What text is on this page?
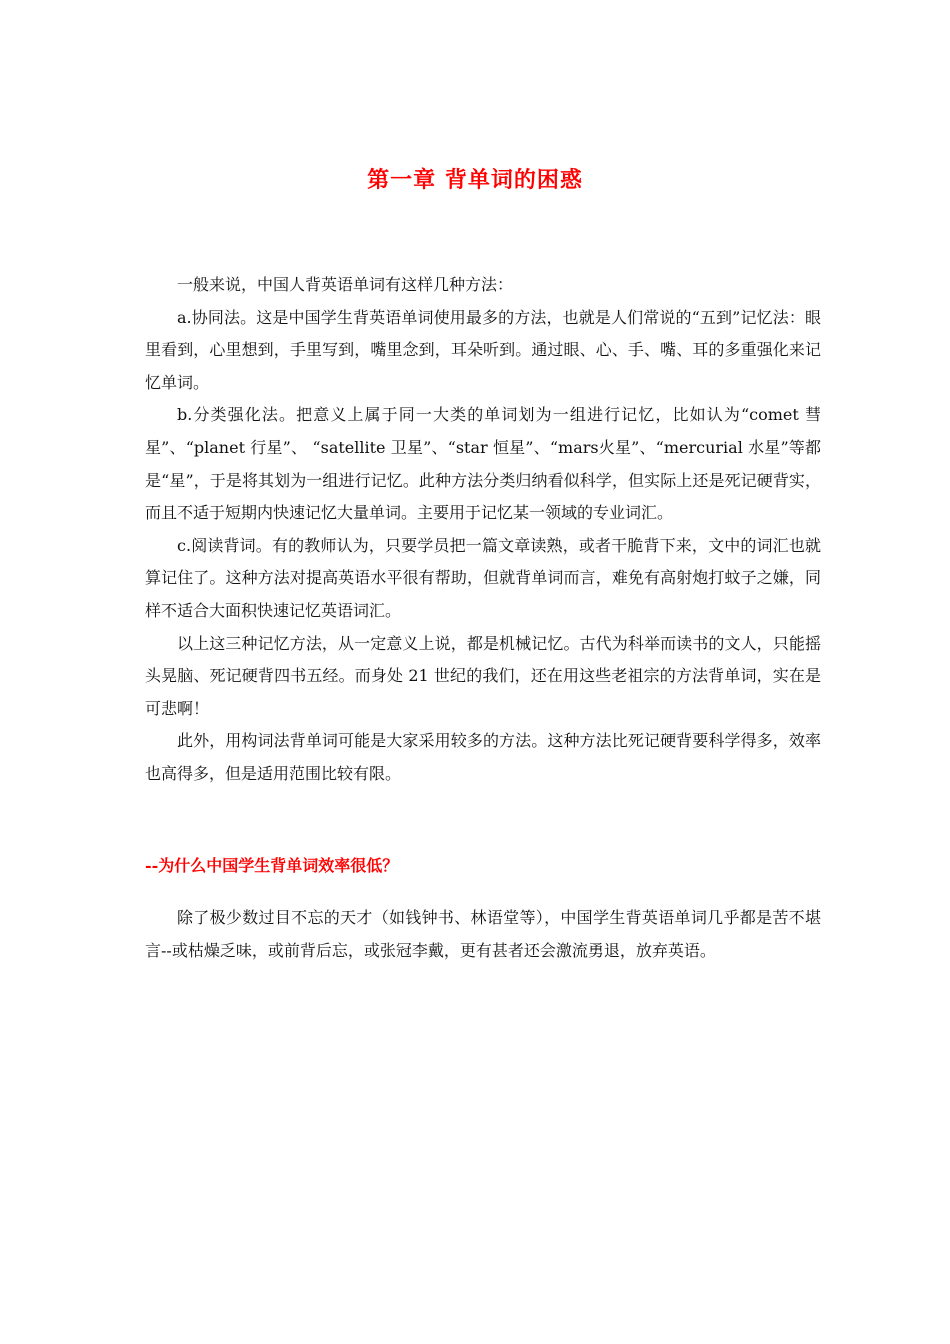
第一章 背单词的困惑

一般来说，中国人背英语单词有这样几种方法：

a.协同法。这是中国学生背英语单词使用最多的方法，也就是人们常说的“五到”记忆法：眼里看到，心里想到，手里写到，嘴里念到，耳朵听到。通过眼、心、手、嘴、耳的多重强化来记忆单词。

b.分类强化法。把意义上属于同一大类的单词划为一组进行记忆，比如认为“comet 彗星”、“planet 行星”、 “satellite 卫星”、“star 恒星”、“mars火星”、“mercurial 水星”等都是“星”，于是将其划为一组进行记忆。此种方法分类归纳看似科学，但实际上还是死记硬背实，而且不适于短期内快速记忆大量单词。主要用于记忆某一领域的专业词汇。

c.阅读背词。有的教师认为，只要学员把一篇文章读熟，或者干脆背下来，文中的词汇也就算记住了。这种方法对提高英语水平很有帮助，但就背单词而言，难免有高射炮打蚊子之嫌，同样不适合大面积快速记忆英语词汇。

以上这三种记忆方法，从一定意义上说，都是机械记忆。古代为科举而读书的文人，只能摇头晃脑、死记硬背四书五经。而身处 21 世纪的我们，还在用这些老祖宗的方法背单词，实在是可悲啊！

此外，用构词法背单词可能是大家采用较多的方法。这种方法比死记硬背要科学得多，效率也高得多，但是适用范围比较有限。

--为什么中国学生背单词效率很低？

除了极少数过目不忘的天才（如钱钟书、林语堂等），中国学生背英语单词几乎都是苦不堪言--或枯燥乏味，或前背后忘，或张冠李戴，更有甚者还会激流勇退，放弃英语。
